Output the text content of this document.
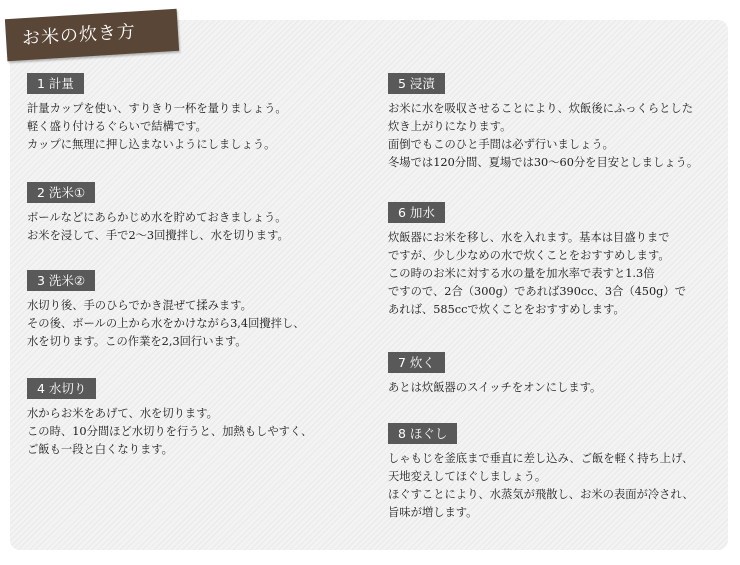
お米の炊き方
1 計量

計量カップを使い、すりきり一杯を量りましょう。

軽く盛り付けるぐらいで結構です。

カップに無理に押し込まないようにしましょう。

2 洗米①

ボールなどにあらかじめ水を貯めておきましょう。

お米を浸して、手で2〜3回攪拌し、水を切ります。

3 洗米②

水切り後、手のひらでかき混ぜて揉みます。

その後、ボールの上から水をかけながら3,4回攪拌し、

水を切ります。この作業を2,3回行います。

4 水切り

水からお米をあげて、水を切ります。

この時、10分間ほど水切りを行うと、加熱もしやすく、

ご飯も一段と白くなります。

5 浸漬

お米に水を吸収させることにより、炊飯後にふっくらとした

炊き上がりになります。

面倒でもこのひと手間は必ず行いましょう。

冬場では120分間、夏場では30〜60分を目安としましょう。

6 加水

炊飯器にお米を移し、水を入れます。基本は目盛りまで

ですが、少し少なめの水で炊くことをおすすめします。

この時のお米に対する水の量を加水率で表すと1.3倍

ですので、2合（300g）であれば390cc、3合（450g）で

あれば、585ccで炊くことをおすすめします。

7 炊く

あとは炊飯器のスイッチをオンにします。

8 ほぐし

しゃもじを釜底まで垂直に差し込み、ご飯を軽く持ち上げ、

天地変えしてほぐしましょう。

ほぐすことにより、水蒸気が飛散し、お米の表面が冷され、

旨味が増します。
